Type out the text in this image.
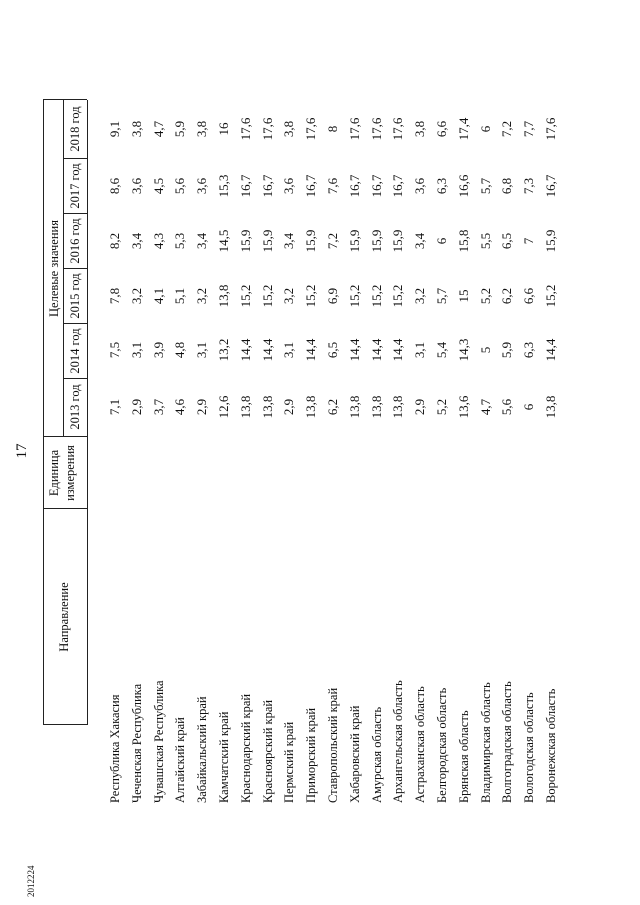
17
2012224
Направление
Единица измерения
Целевые значения
2013 год
2014 год
2015 год
2016 год
2017 год
2018 год
Республика Хакасия
7,1
7,5
7,8
8,2
8,6
9,1
Чеченская Республика
2,9
3,1
3,2
3,4
3,6
3,8
Чувашская Республика
3,7
3,9
4,1
4,3
4,5
4,7
Алтайский край
4,6
4,8
5,1
5,3
5,6
5,9
Забайкальский край
2,9
3,1
3,2
3,4
3,6
3,8
Камчатский край
12,6
13,2
13,8
14,5
15,3
16
Краснодарский край
13,8
14,4
15,2
15,9
16,7
17,6
Красноярский край
13,8
14,4
15,2
15,9
16,7
17,6
Пермский край
2,9
3,1
3,2
3,4
3,6
3,8
Приморский край
13,8
14,4
15,2
15,9
16,7
17,6
Ставропольский край
6,2
6,5
6,9
7,2
7,6
8
Хабаровский край
13,8
14,4
15,2
15,9
16,7
17,6
Амурская область
13,8
14,4
15,2
15,9
16,7
17,6
Архангельская область
13,8
14,4
15,2
15,9
16,7
17,6
Астраханская область
2,9
3,1
3,2
3,4
3,6
3,8
Белгородская область
5,2
5,4
5,7
6
6,3
6,6
Брянская область
13,6
14,3
15
15,8
16,6
17,4
Владимирская область
4,7
5
5,2
5,5
5,7
6
Волгоградская область
5,6
5,9
6,2
6,5
6,8
7,2
Вологодская область
6
6,3
6,6
7
7,3
7,7
Воронежская область
13,8
14,4
15,2
15,9
16,7
17,6
